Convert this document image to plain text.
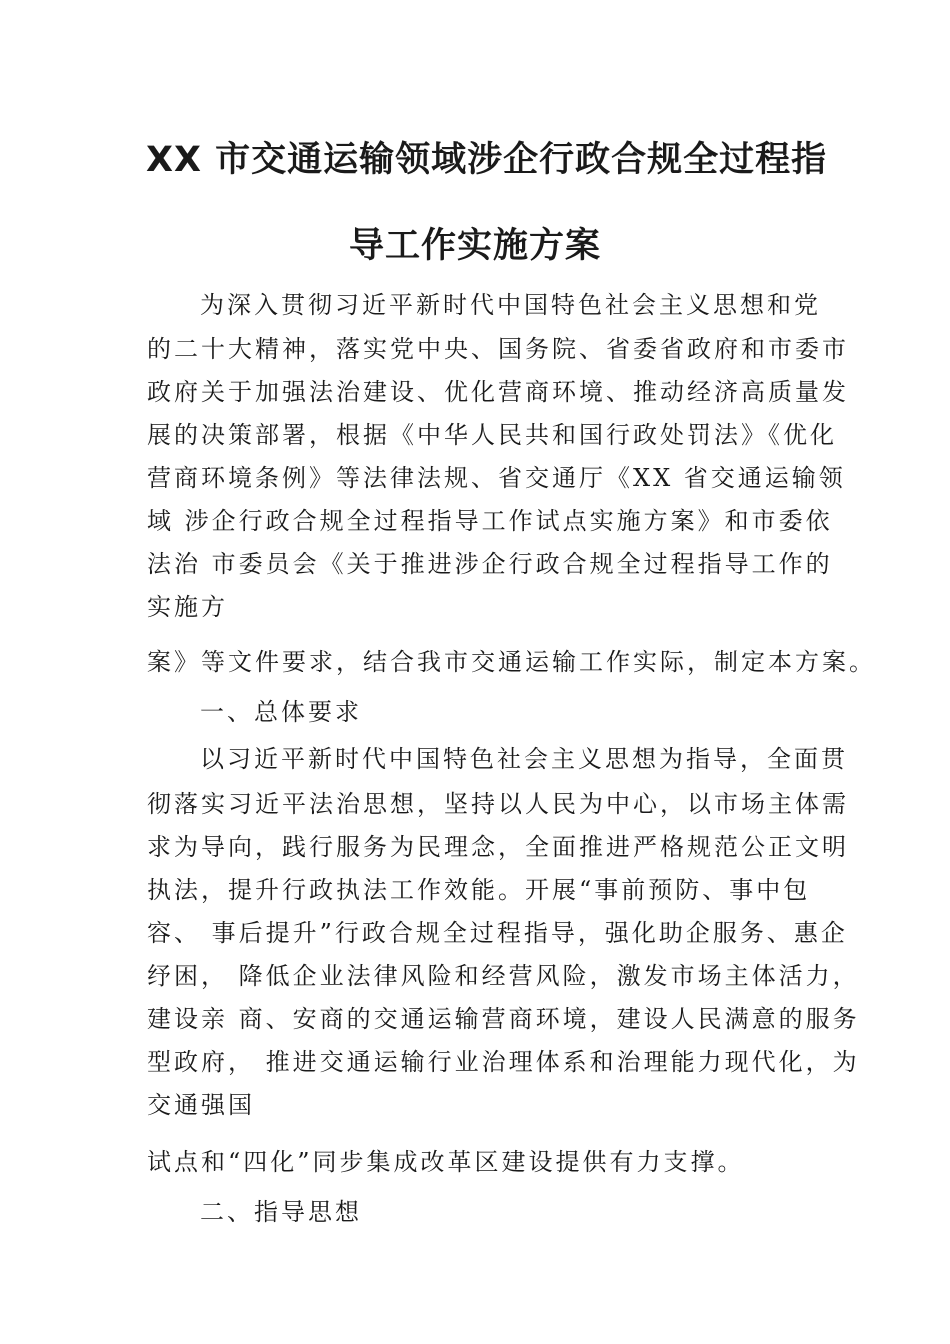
XX 市交通运输领域涉企行政合规全过程指
导工作实施方案

为深入贯彻习近平新时代中国特色社会主义思想和党

的二十大精神，落实党中央、国务院、省委省政府和市委市

政府关于加强法治建设、优化营商环境、推动经济高质量发

展的决策部署，根据《中华人民共和国行政处罚法》《优化

营商环境条例》等法律法规、省交通厅《XX 省交通运输领

域 涉企行政合规全过程指导工作试点实施方案》和市委依

法治 市委员会《关于推进涉企行政合规全过程指导工作的

实施方

案》等文件要求，结合我市交通运输工作实际，制定本方案。

一、总体要求

以习近平新时代中国特色社会主义思想为指导，全面贯

彻落实习近平法治思想，坚持以人民为中心，以市场主体需

求为导向，践行服务为民理念，全面推进严格规范公正文明

执法，提升行政执法工作效能。开展“事前预防、事中包

容、 事后提升”行政合规全过程指导，强化助企服务、惠企

纾困， 降低企业法律风险和经营风险，激发市场主体活力，

建设亲 商、安商的交通运输营商环境，建设人民满意的服务

型政府， 推进交通运输行业治理体系和治理能力现代化，为

交通强国

试点和“四化”同步集成改革区建设提供有力支撑。

二、指导思想
